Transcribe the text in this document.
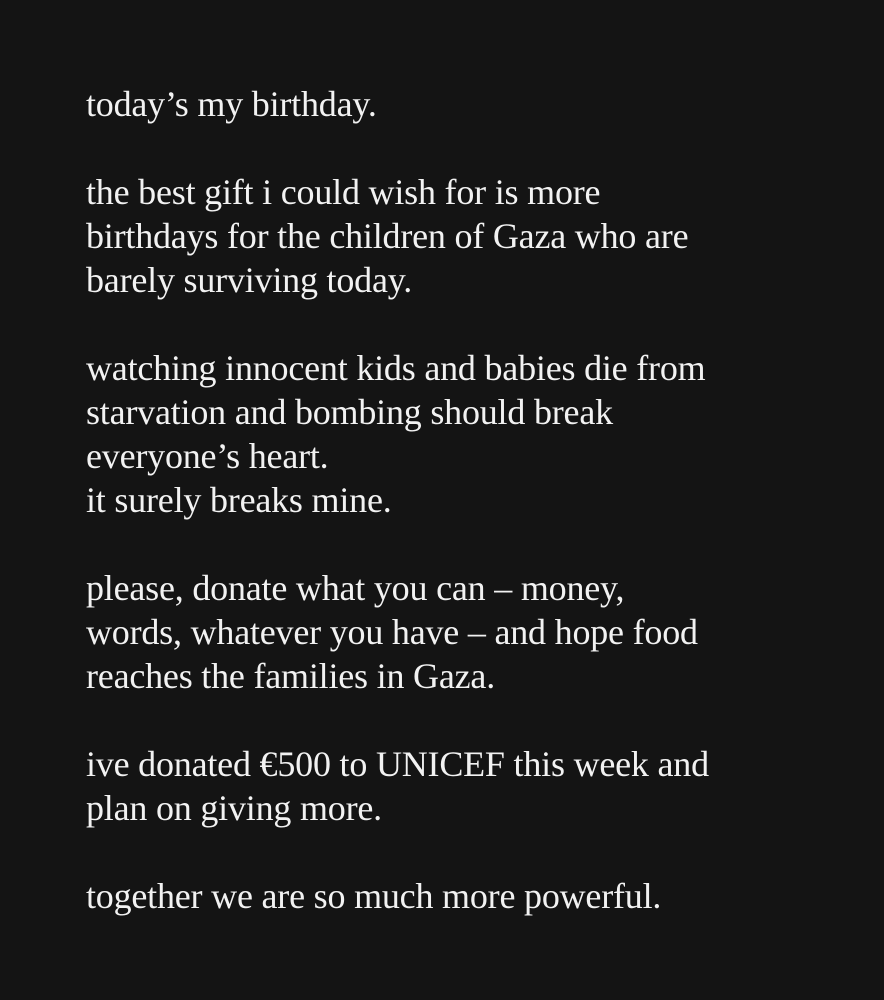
today’s my birthday.

the best gift i could wish for is more
birthdays for the children of Gaza who are
barely surviving today.

watching innocent kids and babies die from
starvation and bombing should break
everyone’s heart.
it surely breaks mine.

please, donate what you can – money,
words, whatever you have – and hope food
reaches the families in Gaza.

ive donated €500 to UNICEF this week and
plan on giving more.

together we are so much more powerful.
